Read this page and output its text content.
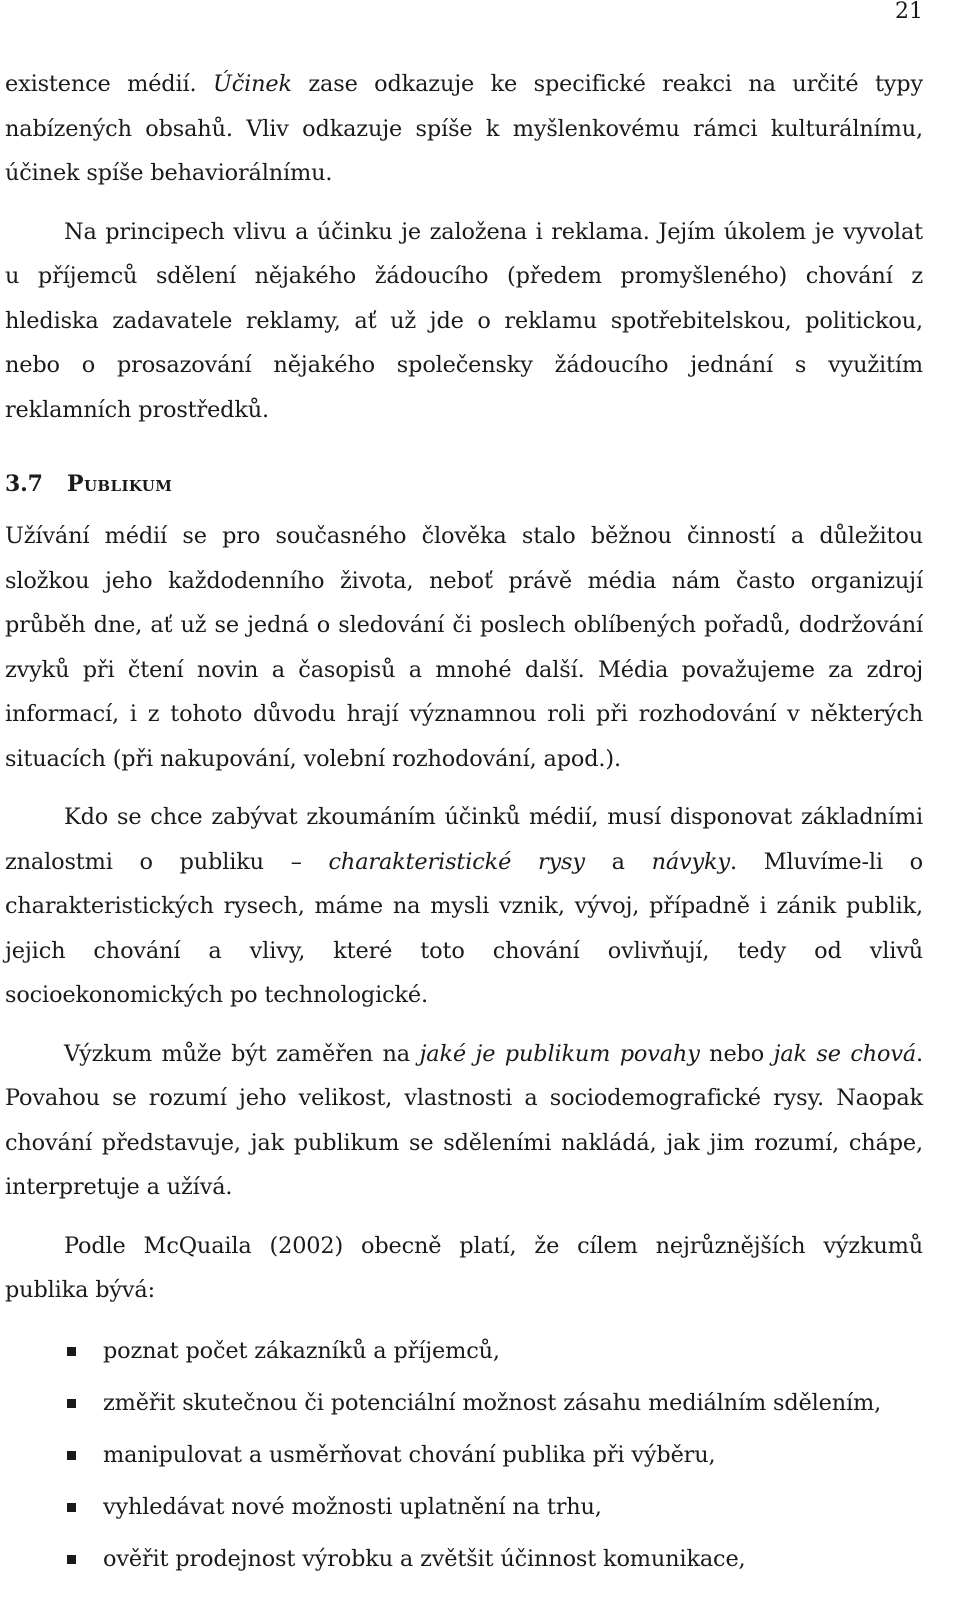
21

existence médií. Účinek zase odkazuje ke specifické reakci na určité typy nabízených obsahů. Vliv odkazuje spíše k myšlenkovému rámci kulturálnímu, účinek spíše behaviorálnímu.

Na principech vlivu a účinku je založena i reklama. Jejím úkolem je vyvolat u příjemců sdělení nějakého žádoucího (předem promyšleného) chování z hlediska zadavatele reklamy, ať už jde o reklamu spotřebitelskou, politickou, nebo o prosazování nějakého společensky žádoucího jednání s využitím reklamních prostředků.

3.7	Publikum

Užívání médií se pro současného člověka stalo běžnou činností a důležitou složkou jeho každodenního života, neboť právě média nám často organizují průběh dne, ať už se jedná o sledování či poslech oblíbených pořadů, dodržování zvyků při čtení novin a časopisů a mnohé další. Média považujeme za zdroj informací, i z tohoto důvodu hrají významnou roli při rozhodování v některých situacích (při nakupování, volební rozhodování, apod.).

Kdo se chce zabývat zkoumáním účinků médií, musí disponovat základními znalostmi o publiku – charakteristické rysy a návyky. Mluvíme-li o charakteristických rysech, máme na mysli vznik, vývoj, případně i zánik publik, jejich chování a vlivy, které toto chování ovlivňují, tedy od vlivů socioekonomických po technologické.

Výzkum může být zaměřen na jaké je publikum povahy nebo jak se chová. Povahou se rozumí jeho velikost, vlastnosti a sociodemografické rysy. Naopak chování představuje, jak publikum se sděleními nakládá, jak jim rozumí, chápe, interpretuje a užívá.

Podle McQuaila (2002) obecně platí, že cílem nejrůznějších výzkumů publika bývá:

poznat počet zákazníků a příjemců,
změřit skutečnou či potenciální možnost zásahu mediálním sdělením,
manipulovat a usměrňovat chování publika při výběru,
vyhledávat nové možnosti uplatnění na trhu,
ověřit prodejnost výrobku a zvětšit účinnost komunikace,
